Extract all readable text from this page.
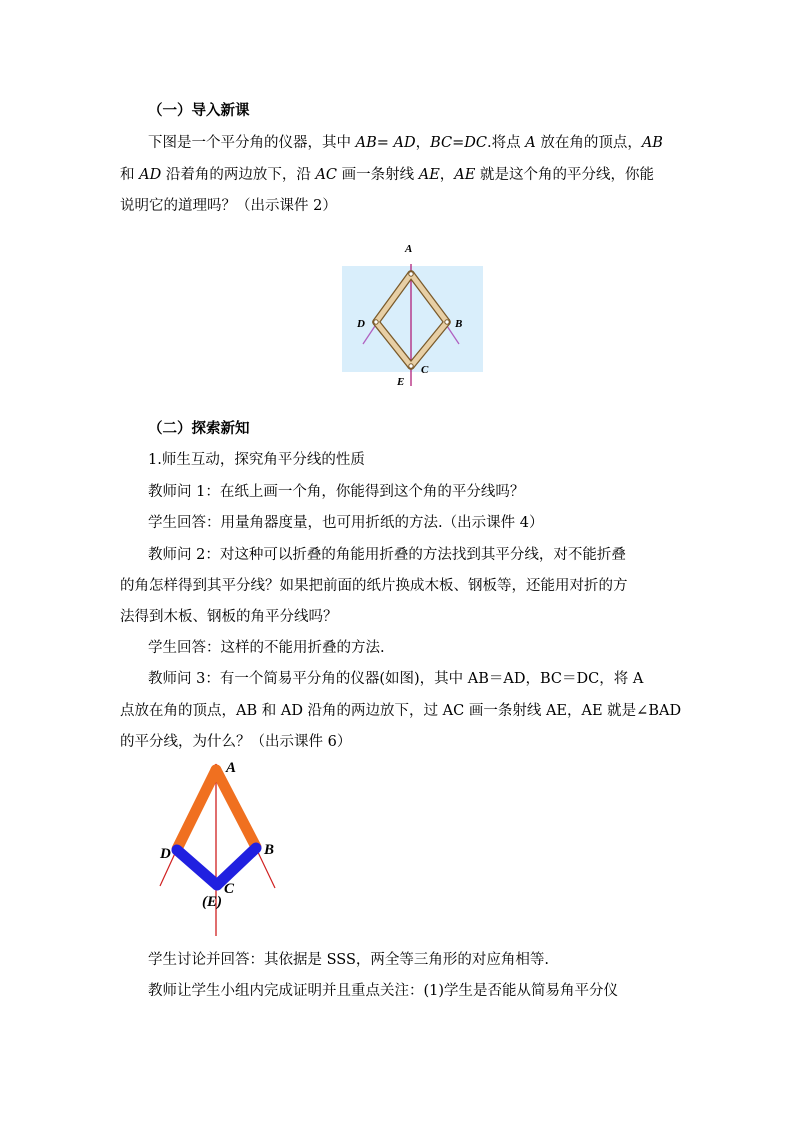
（一）导入新课
下图是一个平分角的仪器，其中 AB= AD，BC=DC.将点 A 放在角的顶点，AB
和 AD 沿着角的两边放下，沿 AC 画一条射线 AE，AE 就是这个角的平分线，你能
说明它的道理吗？（出示课件 2）
A
B
C
D
E
（二）探索新知
1.师生互动，探究角平分线的性质
教师问 1：在纸上画一个角，你能得到这个角的平分线吗？
学生回答：用量角器度量，也可用折纸的方法.（出示课件 4）
教师问 2：对这种可以折叠的角能用折叠的方法找到其平分线，对不能折叠
的角怎样得到其平分线？如果把前面的纸片换成木板、钢板等，还能用对折的方
法得到木板、钢板的角平分线吗？
学生回答：这样的不能用折叠的方法.
教师问 3：有一个简易平分角的仪器(如图)，其中 AB＝AD，BC＝DC，将 A
点放在角的顶点，AB 和 AD 沿角的两边放下，过 AC 画一条射线 AE，AE 就是∠BAD
的平分线，为什么？（出示课件 6）
A
B
C
D
(E)
学生讨论并回答：其依据是 SSS，两全等三角形的对应角相等.
教师让学生小组内完成证明并且重点关注：(1)学生是否能从简易角平分仪
